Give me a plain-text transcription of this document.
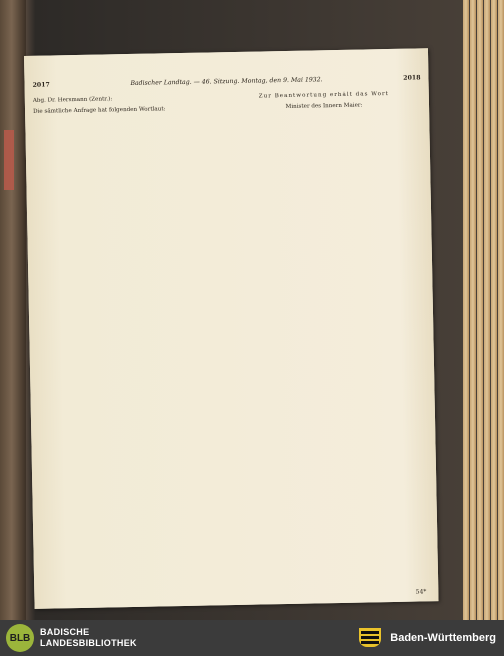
2017	Badischer Landtag. — 46. Sitzung. Montag, den 9. Mai 1932.	2018

Abg. Dr. Hersmann (Zentr.):

Die sämtliche Anfrage hat folgenden Wortlaut:

Zur Beantwortung erhält das Wort

Minister des Innern Maier:

54*
BLB
BADISCHE
LANDESBIBLIOTHEK	Baden-Württemberg
